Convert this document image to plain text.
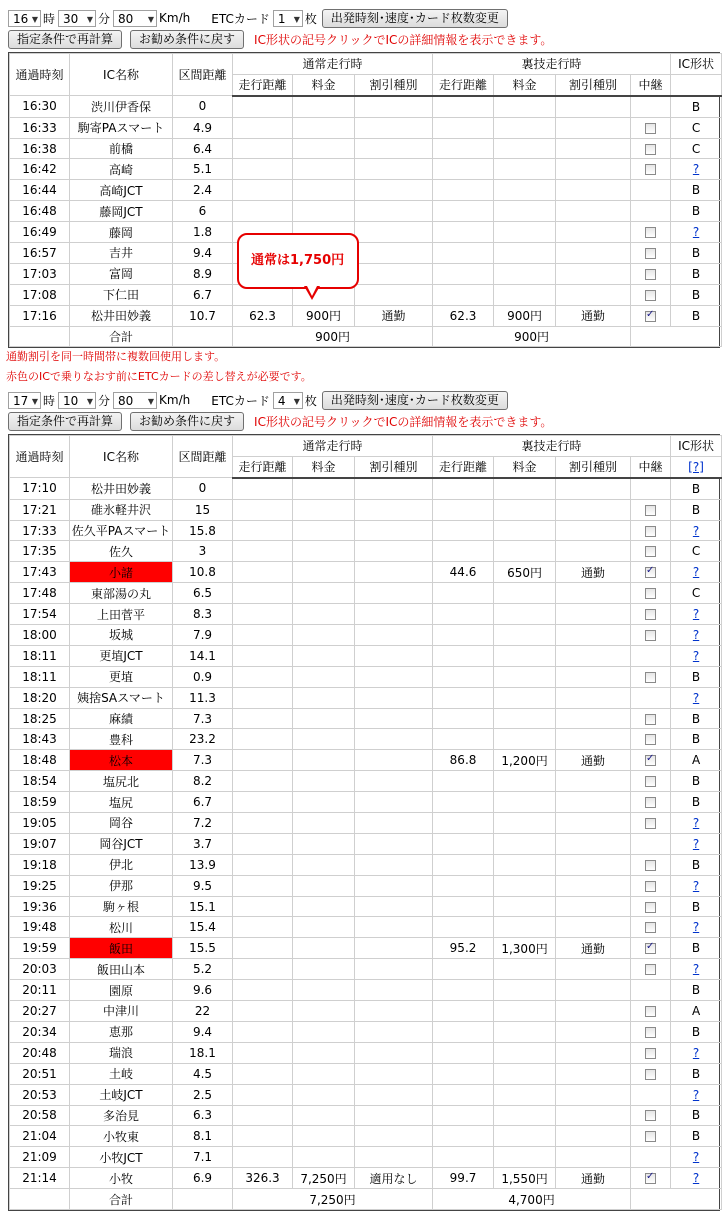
16 ▼ 時 30 ▼ 分 80 ▼ Km/h ETCカード 1 ▼ 枚	出発時刻･速度･カード枚数変更
指定条件で再計算	お勧め条件に戻す	IC形状の記号クリックでICの詳細情報を表示できます。
通過時刻	IC名称	区間距離	通常走行時			裏技走行時				IC形状
			走行距離	料金	割引種別	走行距離	料金	割引種別	中継	
16:30	渋川伊香保	0								B
16:33	駒寄PAスマート	4.9								C
16:38	前橋	6.4								C
16:42	高崎	5.1								?
16:44	高崎JCT	2.4								B
16:48	藤岡JCT	6								B
16:49	藤岡	1.8								?
16:57	吉井	9.4								B
17:03	富岡	8.9								B
17:08	下仁田	6.7								B
17:16	松井田妙義	10.7	62.3	900円	通勤	62.3	900円	通勤	✓	B
	合計		900円			900円				
通常は1,750円
通勤割引を同一時間帯に複数回使用します。
赤色のICで乗りなおす前にETCカードの差し替えが必要です。
17 ▼ 時 10 ▼ 分 80 ▼ Km/h ETCカード 4 ▼ 枚	出発時刻･速度･カード枚数変更
指定条件で再計算	お勧め条件に戻す	IC形状の記号クリックでICの詳細情報を表示できます。
通過時刻	IC名称	区間距離	通常走行時			裏技走行時				IC形状
			走行距離	料金	割引種別	走行距離	料金	割引種別	中継	[?]
17:10	松井田妙義	0								B
17:21	碓氷軽井沢	15								B
17:33	佐久平PAスマート	15.8								?
17:35	佐久	3								C
17:43	小諸	10.8				44.6	650円	通勤	✓	?
17:48	東部湯の丸	6.5								C
17:54	上田菅平	8.3								?
18:00	坂城	7.9								?
18:11	更埴JCT	14.1								?
18:11	更埴	0.9								B
18:20	姨捨SAスマート	11.3								?
18:25	麻績	7.3								B
18:43	豊科	23.2								B
18:48	松本	7.3				86.8	1,200円	通勤	✓	A
18:54	塩尻北	8.2								B
18:59	塩尻	6.7								B
19:05	岡谷	7.2								?
19:07	岡谷JCT	3.7								?
19:18	伊北	13.9								B
19:25	伊那	9.5								?
19:36	駒ヶ根	15.1								B
19:48	松川	15.4								?
19:59	飯田	15.5				95.2	1,300円	通勤	✓	B
20:03	飯田山本	5.2								?
20:11	園原	9.6								B
20:27	中津川	22								A
20:34	恵那	9.4								B
20:48	瑞浪	18.1								?
20:51	土岐	4.5								B
20:53	土岐JCT	2.5								?
20:58	多治見	6.3								B
21:04	小牧東	8.1								B
21:09	小牧JCT	7.1								?
21:14	小牧	6.9	326.3	7,250円	適用なし	99.7	1,550円	通勤	✓	?
	合計		7,250円			4,700円				
